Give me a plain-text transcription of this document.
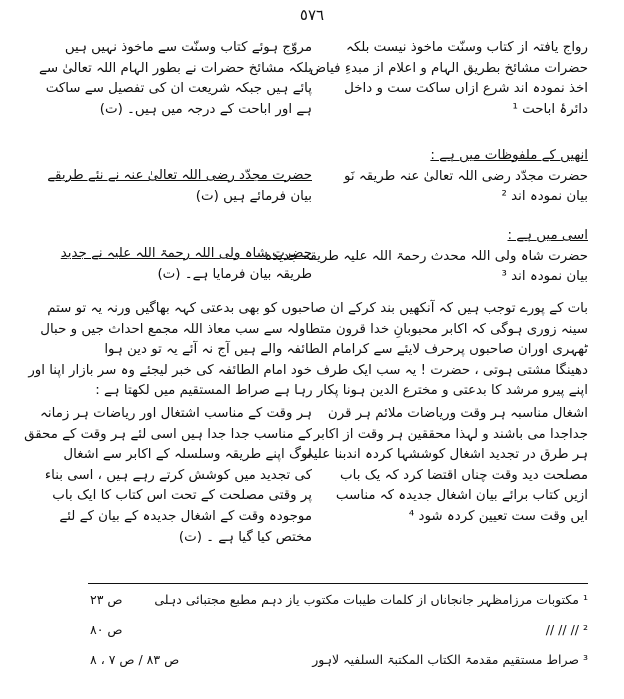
٥٧٦
رواج یافتہ از کتاب وسنّت ماخوذ نیست بلکہ
حضرات مشائخ بطریق الہام و اعلام از مبدءِ فیاض
اخذ نمودہ اند شرع ازاں ساکت ست و داخل
دائرۂ اباحت ¹
انھیں کے ملفوظات میں ہے :
حضرت مجدّد رضی اللہ تعالیٰ عنہ طریقہ نَو
بیان نمودہ اند ²
اسی میں ہے :
حضرت شاہ ولی اللہ محدث رحمۃ اللہ علیہ طریقہ جدیدہ
بیان نمودہ اند ³
مروّج ہوئے کتاب وسنّت سے ماخوذ نہیں ہیں
بلکہ مشائخ حضرات نے بطور الہام اللہ تعالیٰ سے
پائے ہیں جبکہ شریعت ان کی تفصیل سے ساکت
ہے اور اباحت کے درجہ میں ہیں۔ (ت)
حضرت مجدّد رضی اللہ تعالیٰ عنہ نے نئے طریقے
بیان فرمائے ہیں (ت)
حضرت شاہ ولی اللہ رحمۃ اللہ علیہ نے جدید
طریقہ بیان فرمایا ہے۔ (ت)
بات کے پورے توجب ہیں کہ آنکھیں بند کرکے ان صاحبوں کو بھی بدعتی کہہ بھاگیں ورنہ یہ تو ستم
سینہ زوری ہوگی کہ اکابر محبوبانِ خدا قرون متطاولہ سے سب معاذ اللہ مجمع احداث جیں و حبال
ٹھہری اوران صاحبوں پرحرف لایئے سے کرامام الطائفہ والے ہیں آج نہ آئے یہ تو دین ہوا
دھینگا مشتی ہوتی ، حضرت ! یہ سب ایک طرف خود امام الطائفہ کی خبر لیجئے وہ سر بازار اپنا اور
اپنے پیرو مرشد کا بدعتی و مخترع الدین ہونا پکار رہا ہے صراط المستقیم میں لکھتا ہے :
اشغال مناسبہ ہر وقت وریاضات ملائم ہر قرن
جداجدا می باشند و لہذا محققین ہر وقت از اکابر
ہر طرق در تجدید اشغال کوششہا کردہ اندبنا علیہ
مصلحت دید وقت چناں اقتضا کرد کہ یک باب
ازیں کتاب برائے بیان اشغال جدیدہ کہ مناسب
ایں وقت ست تعیین کردہ شود ⁴
ہر وقت کے مناسب اشتغال اور ریاضات ہر زمانہ
کے مناسب جدا جدا ہیں اسی لئے ہر وقت کے محقق
لوگ اپنے طریقہ وسلسلہ کے اکابر سے اشغال
کی تجدید میں کوشش کرتے رہے ہیں ، اسی بناء
پر وقتی مصلحت کے تحت اس کتاب کا ایک باب
موجودہ وقت کے اشغال جدیدہ کے بیان کے لئے
مختص کیا گیا ہے ۔ (ت)
¹ مکتوبات مرزامظہر جانجاناں از کلمات طیبات مکتوب یاز دہم مطبع مجتبائی دہلی
ص ۲۳
² // // //
ص ۸۰
³ صراط مستقیم مقدمۃ الکتاب المکتبۃ السلفیہ لاہور
ص ۸۳ / ص ۷ ، ۸
